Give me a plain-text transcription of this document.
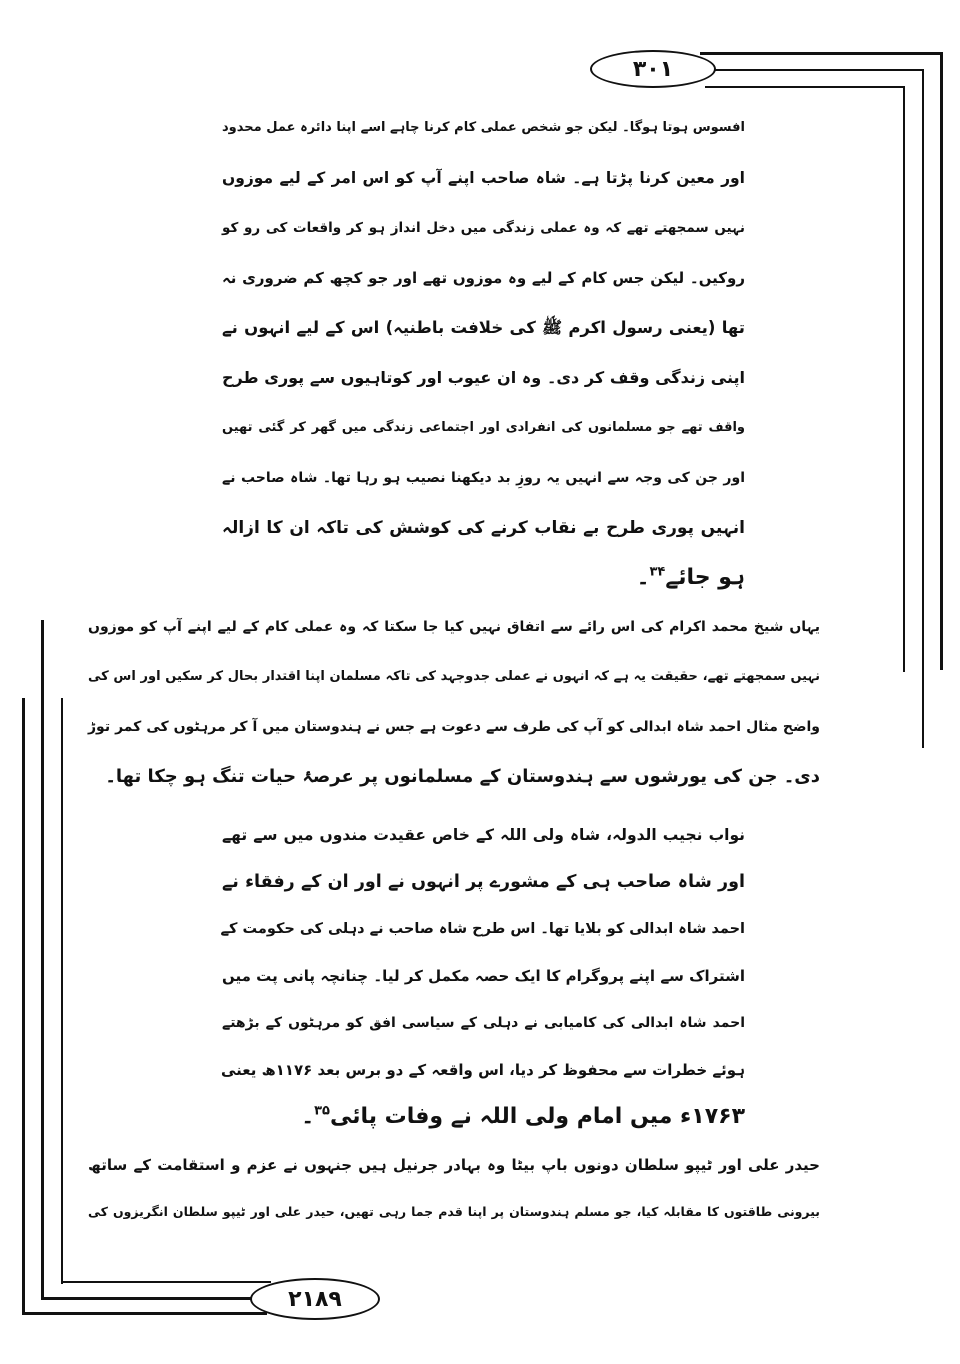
۳۰۱
۲۱۸۹
افسوس ہوتا ہوگا۔ لیکن جو شخص عملی کام کرنا چاہے اسے اپنا دائرہ عمل محدود
اور معین کرنا پڑتا ہے۔ شاہ صاحب اپنے آپ کو اس امر کے لیے موزوں
نہیں سمجھتے تھے کہ وہ عملی زندگی میں دخل انداز ہو کر واقعات کی رو کو
روکیں۔ لیکن جس کام کے لیے وہ موزوں تھے اور جو کچھ کم ضروری نہ
تھا (یعنی رسول اکرم ﷺ کی خلافت باطنیہ) اس کے لیے انہوں نے
اپنی زندگی وقف کر دی۔ وہ ان عیوب اور کوتاہیوں سے پوری طرح
واقف تھے جو مسلمانوں کی انفرادی اور اجتماعی زندگی میں گھر کر گئی تھیں
اور جن کی وجہ سے انہیں یہ روزِ بد دیکھنا نصیب ہو رہا تھا۔ شاہ صاحب نے
انہیں پوری طرح بے نقاب کرنے کی کوشش کی تاکہ ان کا ازالہ
ہو جائے$^{۳۴}$۔
یہاں شیخ محمد اکرام کی اس رائے سے اتفاق نہیں کیا جا سکتا کہ وہ عملی کام کے لیے اپنے آپ کو موزوں
نہیں سمجھتے تھے، حقیقت یہ ہے کہ انہوں نے عملی جدوجہد کی تاکہ مسلمان اپنا اقتدار بحال کر سکیں اور اس کی
واضح مثال احمد شاہ ابدالی کو آپ کی طرف سے دعوت ہے جس نے ہندوستان میں آ کر مرہٹوں کی کمر توڑ
دی۔ جن کی یورشوں سے ہندوستان کے مسلمانوں پر عرصۂ حیات تنگ ہو چکا تھا۔
نواب نجیب الدولہ، شاہ ولی اللہ کے خاص عقیدت مندوں میں سے تھے
اور شاہ صاحب ہی کے مشورے پر انہوں نے اور ان کے رفقاء نے
احمد شاہ ابدالی کو بلایا تھا۔ اس طرح شاہ صاحب نے دہلی کی حکومت کے
اشتراک سے اپنے پروگرام کا ایک حصہ مکمل کر لیا۔ چنانچہ پانی پت میں
احمد شاہ ابدالی کی کامیابی نے دہلی کے سیاسی افق کو مرہٹوں کے بڑھتے
ہوئے خطرات سے محفوظ کر دیا، اس واقعہ کے دو برس بعد ۱۱۷۶ھ یعنی
۱۷۶۳ء میں امام ولی اللہ نے وفات پائی$^{۳۵}$۔
حیدر علی اور ٹیپو سلطان دونوں باپ بیٹا وہ بہادر جرنیل ہیں جنہوں نے عزم و استقامت کے ساتھ
بیرونی طاقتوں کا مقابلہ کیا، جو مسلم ہندوستان پر اپنا قدم جما رہی تھیں، حیدر علی اور ٹیپو سلطان انگریزوں کی
